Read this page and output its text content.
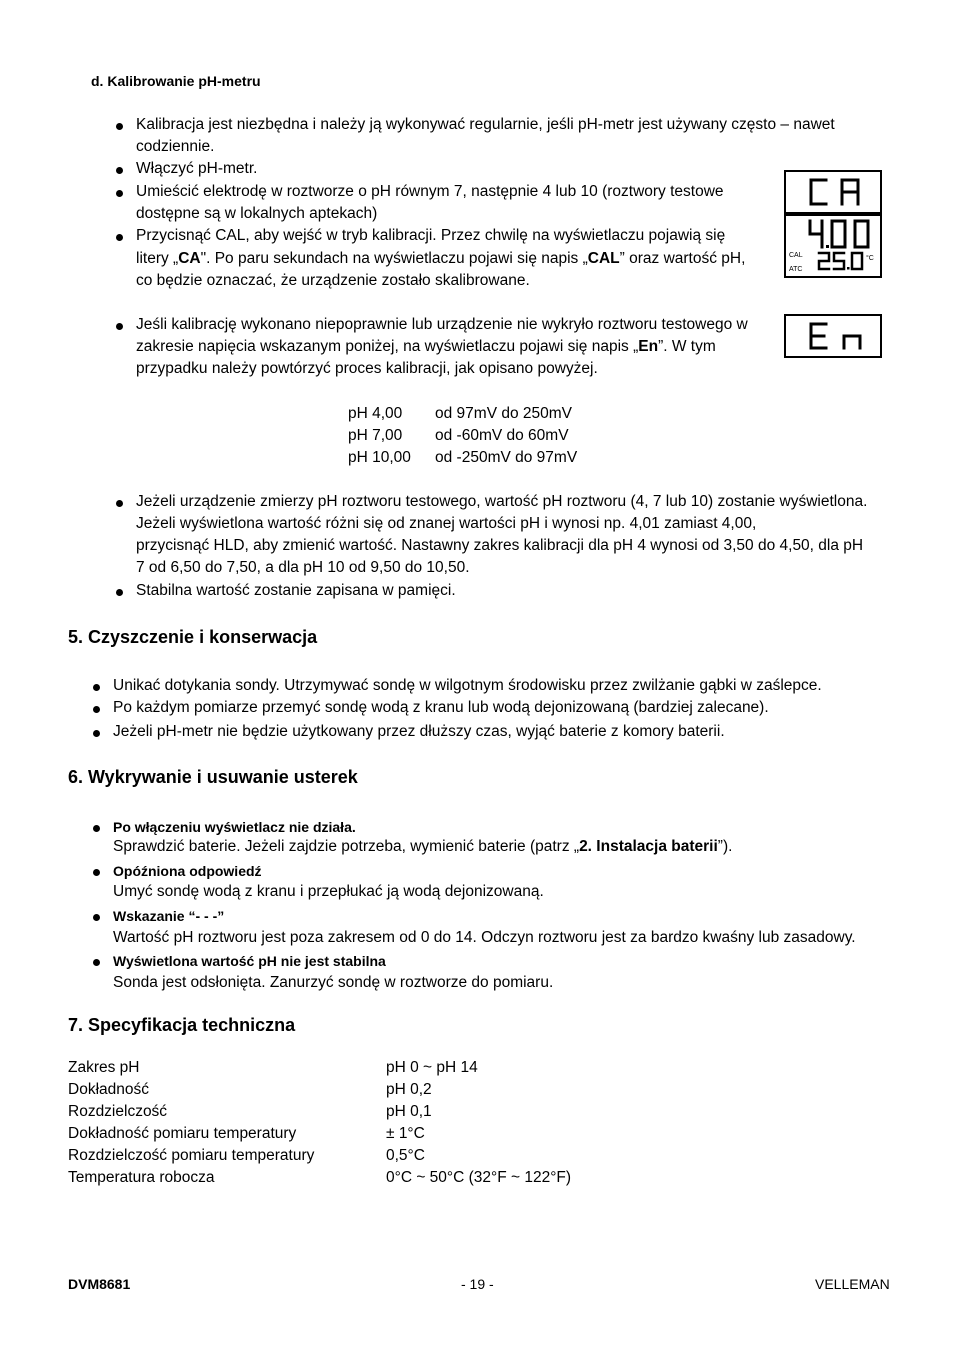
d. Kalibrowanie pH-metru
Kalibracja jest niezbędna i należy ją wykonywać regularnie, jeśli pH-metr jest używany często – nawet
codziennie.
Włączyć pH-metr.
Umieścić elektrodę w roztworze o pH równym 7, następnie 4 lub 10 (roztwory testowe
dostępne są w lokalnych aptekach)
Przycisnąć CAL, aby wejść w tryb kalibracji. Przez chwilę na wyświetlaczu pojawią się
litery „CA". Po paru sekundach na wyświetlaczu pojawi się napis „CAL” oraz wartość pH,
co będzie oznaczać, że urządzenie zostało skalibrowane.
Jeśli kalibrację wykonano niepoprawnie lub urządzenie nie wykryło roztworu testowego w
zakresie napięcia wskazanym poniżej, na wyświetlaczu pojawi się napis „En”. W tym
przypadku należy powtórzyć proces kalibracji, jak opisano powyżej.
CAL
ATC
°C
pH 4,00 od 97mV do 250mV
pH 7,00 od -60mV do 60mV
pH 10,00 od -250mV do 97mV
Jeżeli urządzenie zmierzy pH roztworu testowego, wartość pH roztworu (4, 7 lub 10) zostanie wyświetlona.
Jeżeli wyświetlona wartość różni się od znanej wartości pH i wynosi np. 4,01 zamiast 4,00,
przycisnąć HLD, aby zmienić wartość. Nastawny zakres kalibracji dla pH 4 wynosi od 3,50 do 4,50, dla pH
7 od 6,50 do 7,50, a dla pH 10 od 9,50 do 10,50.
Stabilna wartość zostanie zapisana w pamięci.
5. Czyszczenie i konserwacja
Unikać dotykania sondy. Utrzymywać sondę w wilgotnym środowisku przez zwilżanie gąbki w zaślepce.
Po każdym pomiarze przemyć sondę wodą z kranu lub wodą dejonizowaną (bardziej zalecane).
Jeżeli pH-metr nie będzie użytkowany przez dłuższy czas, wyjąć baterie z komory baterii.
6. Wykrywanie i usuwanie usterek
Po włączeniu wyświetlacz nie działa.
Sprawdzić baterie. Jeżeli zajdzie potrzeba, wymienić baterie (patrz „2. Instalacja baterii”).
Opóźniona odpowiedź
Umyć sondę wodą z kranu i przepłukać ją wodą dejonizowaną.
Wskazanie “- - -”
Wartość pH roztworu jest poza zakresem od 0 do 14. Odczyn roztworu jest za bardzo kwaśny lub zasadowy.
Wyświetlona wartość pH nie jest stabilna
Sonda jest odsłonięta. Zanurzyć sondę w roztworze do pomiaru.
7. Specyfikacja techniczna
Zakres pH	pH 0 ~ pH 14
Dokładność	pH 0,2
Rozdzielczość	pH 0,1
Dokładność pomiaru temperatury	± 1°C
Rozdzielczość pomiaru temperatury	0,5°C
Temperatura robocza	0°C ~ 50°C (32°F ~ 122°F)
DVM8681	- 19 -	VELLEMAN
